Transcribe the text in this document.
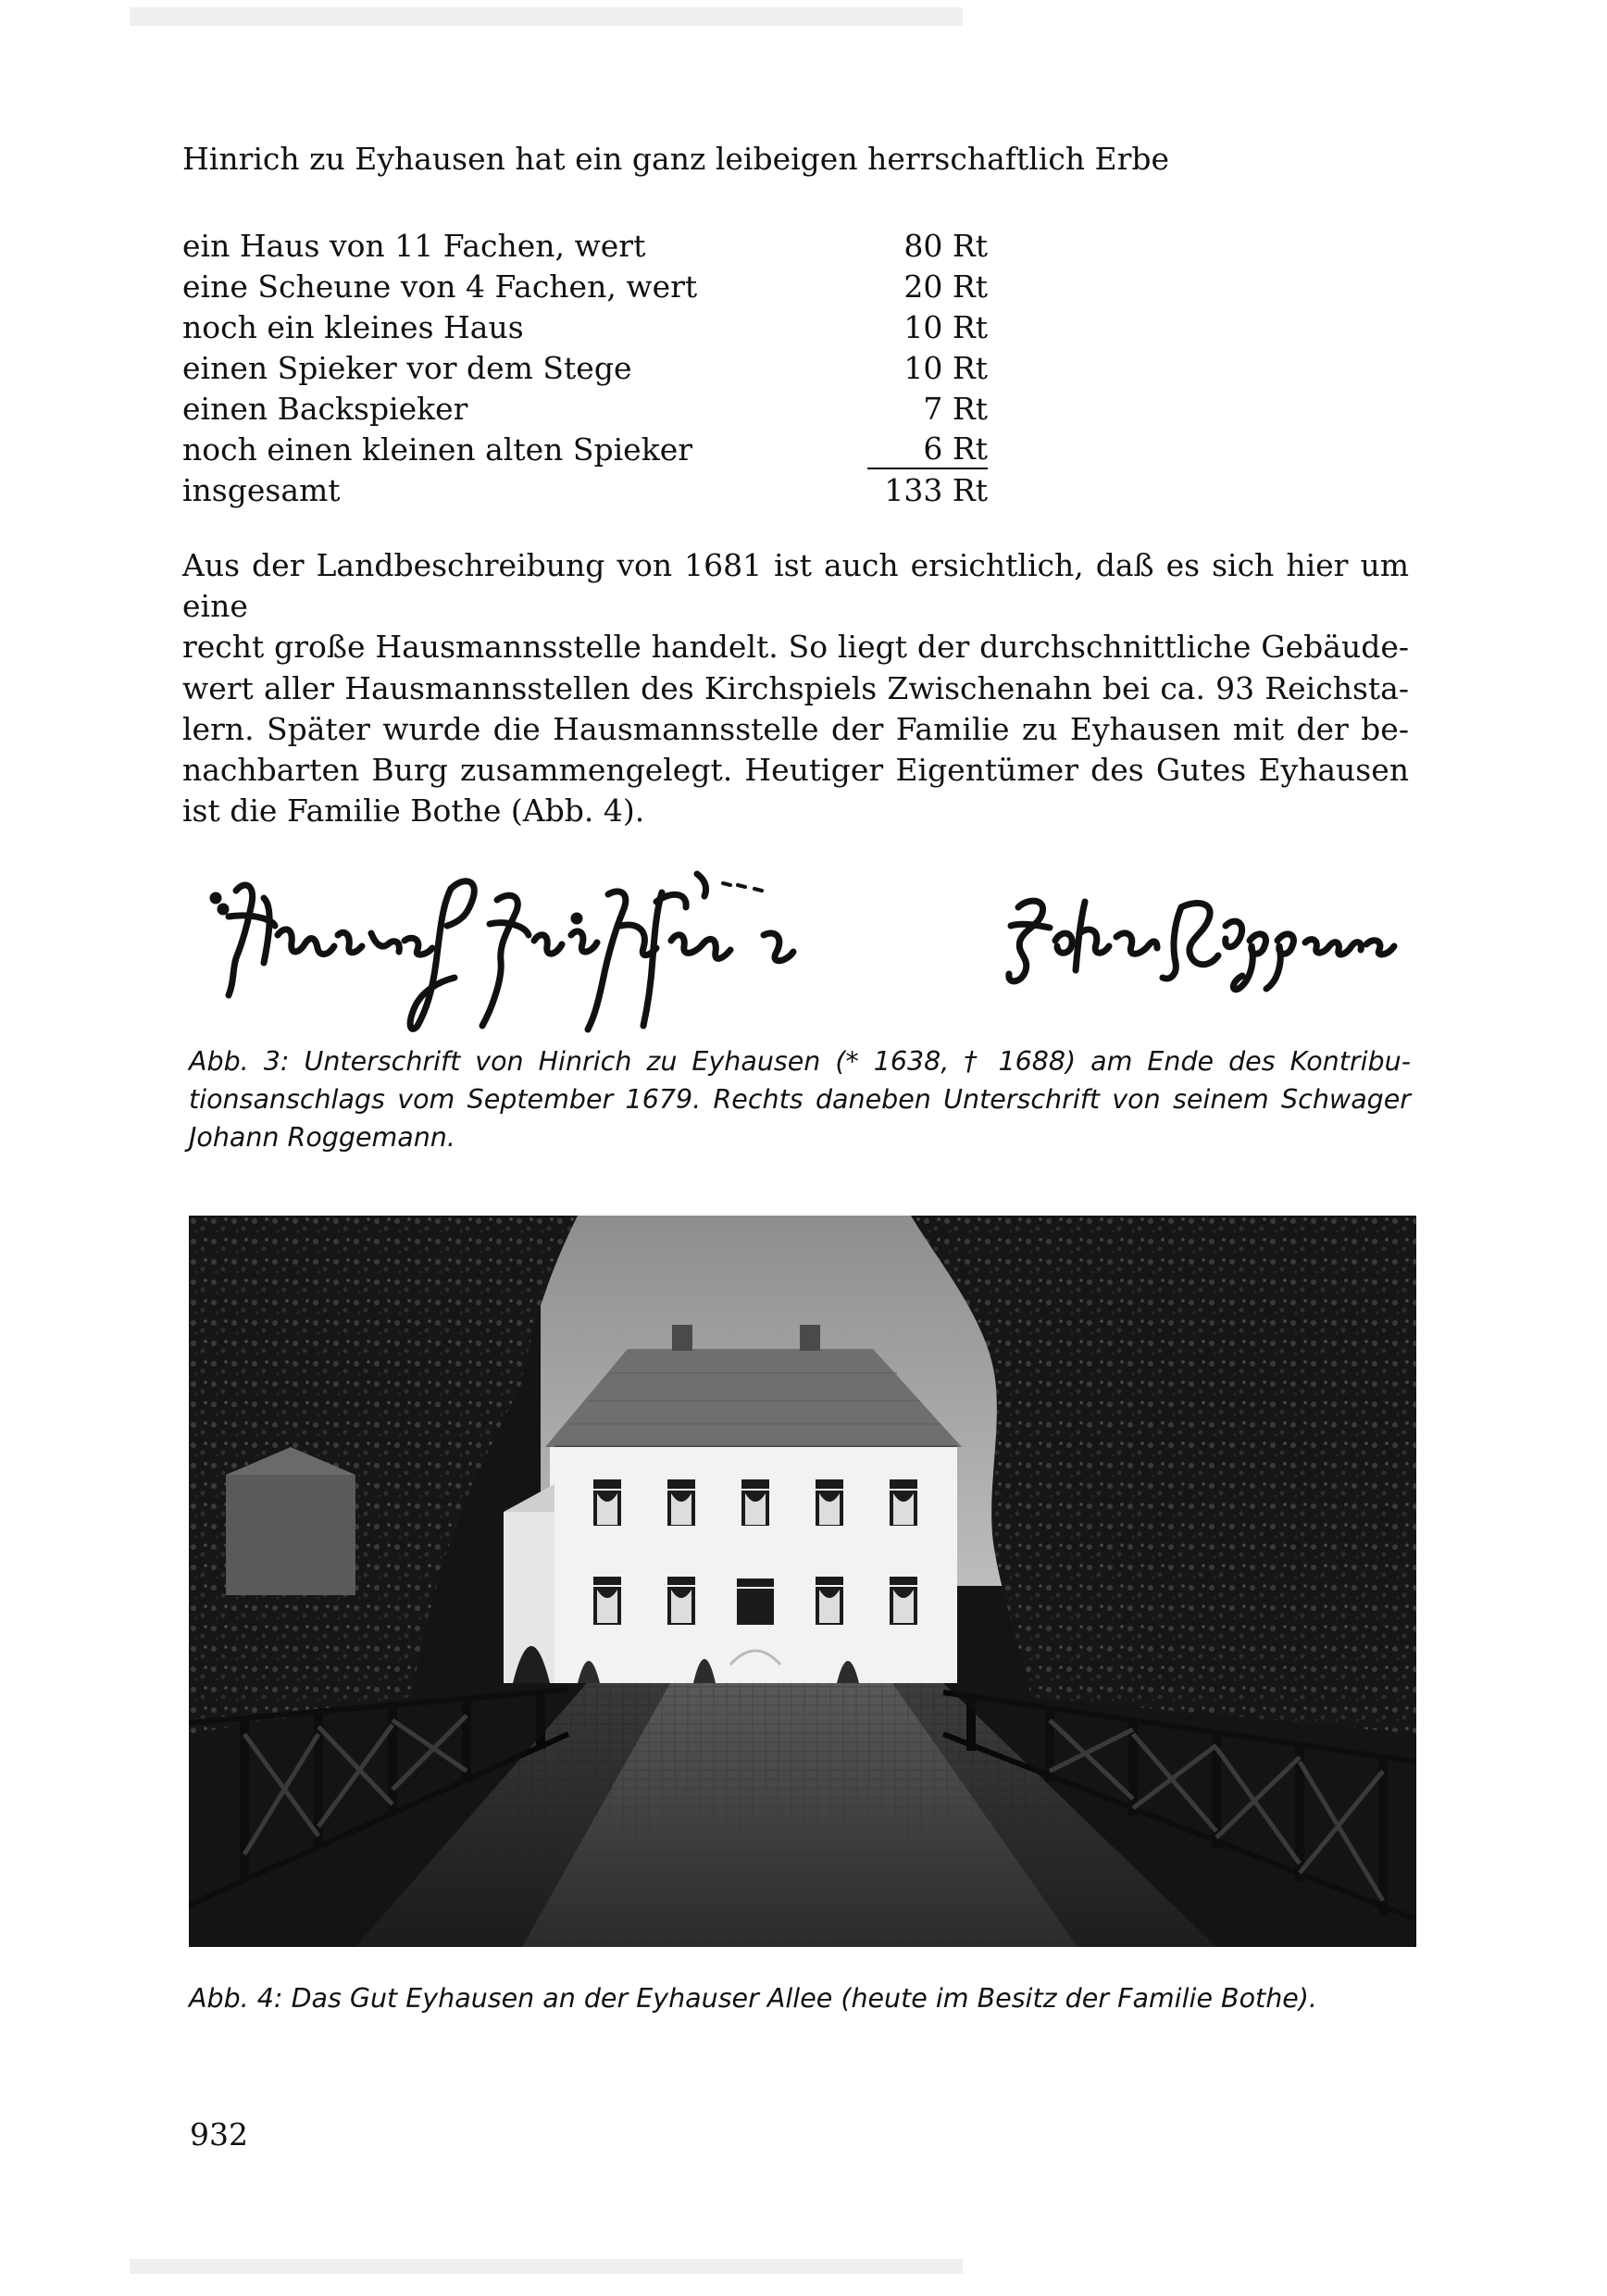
Hinrich zu Eyhausen hat ein ganz leibeigen herrschaftlich Erbe

ein Haus von 11 Fachen, wert	80 Rt
eine Scheune von 4 Fachen, wert	20 Rt
noch ein kleines Haus	10 Rt
einen Spieker vor dem Stege	10 Rt
einen Backspieker	7 Rt
noch einen kleinen alten Spieker	6 Rt
insgesamt	133 Rt

Aus der Landbeschreibung von 1681 ist auch ersichtlich, daß es sich hier um eine
recht große Hausmannsstelle handelt. So liegt der durchschnittliche Gebäude-
wert aller Hausmannsstellen des Kirchspiels Zwischenahn bei ca. 93 Reichsta-
lern. Später wurde die Hausmannsstelle der Familie zu Eyhausen mit der be-
nachbarten Burg zusammengelegt. Heutiger Eigentümer des Gutes Eyhausen
ist die Familie Bothe (Abb. 4).

Abb. 3: Unterschrift von Hinrich zu Eyhausen (* 1638, † 1688) am Ende des Kontribu-
tionsanschlags vom September 1679. Rechts daneben Unterschrift von seinem Schwager
Johann Roggemann.

Abb. 4: Das Gut Eyhausen an der Eyhauser Allee (heute im Besitz der Familie Bothe).

932
